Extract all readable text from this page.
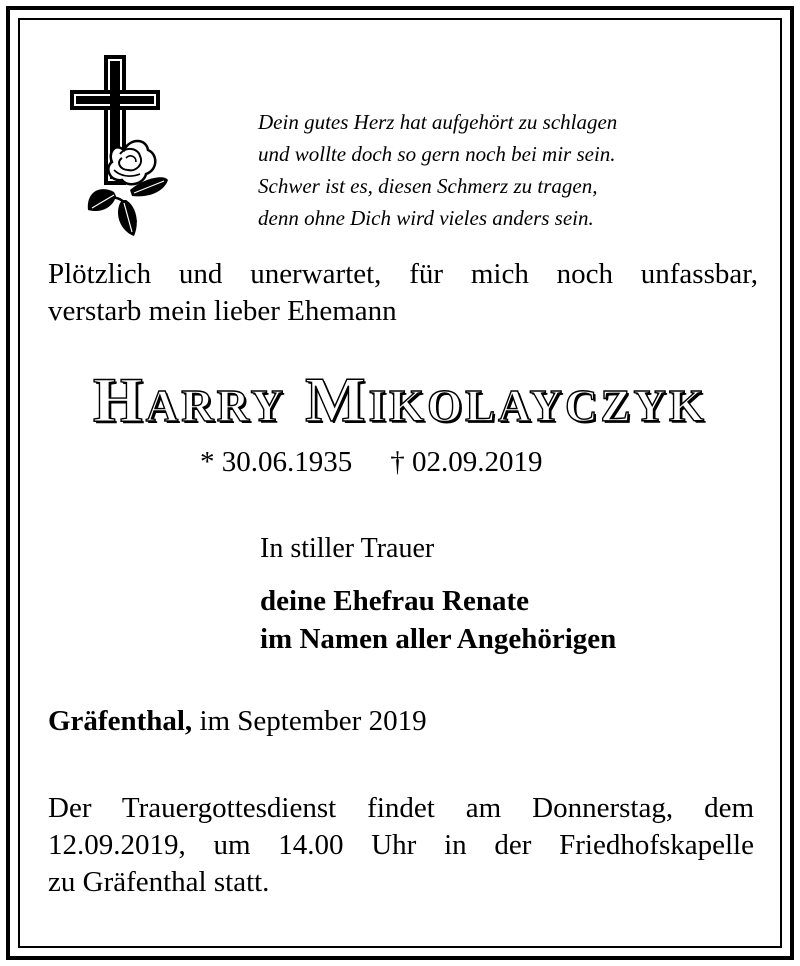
Dein gutes Herz hat aufgehört zu schlagen
und wollte doch so gern noch bei mir sein.
Schwer ist es, diesen Schmerz zu tragen,
denn ohne Dich wird vieles anders sein.
Plötzlich und unerwartet, für mich noch unfassbar,
verstarb mein lieber Ehemann
Harry Mikolayczyk
* 30.06.1935 † 02.09.2019
In stiller Trauer
deine Ehefrau Renate
im Namen aller Angehörigen
Gräfenthal, im September 2019
Der Trauergottesdienst findet am Donnerstag, dem
12.09.2019, um 14.00 Uhr in der Friedhofskapelle
zu Gräfenthal statt.
